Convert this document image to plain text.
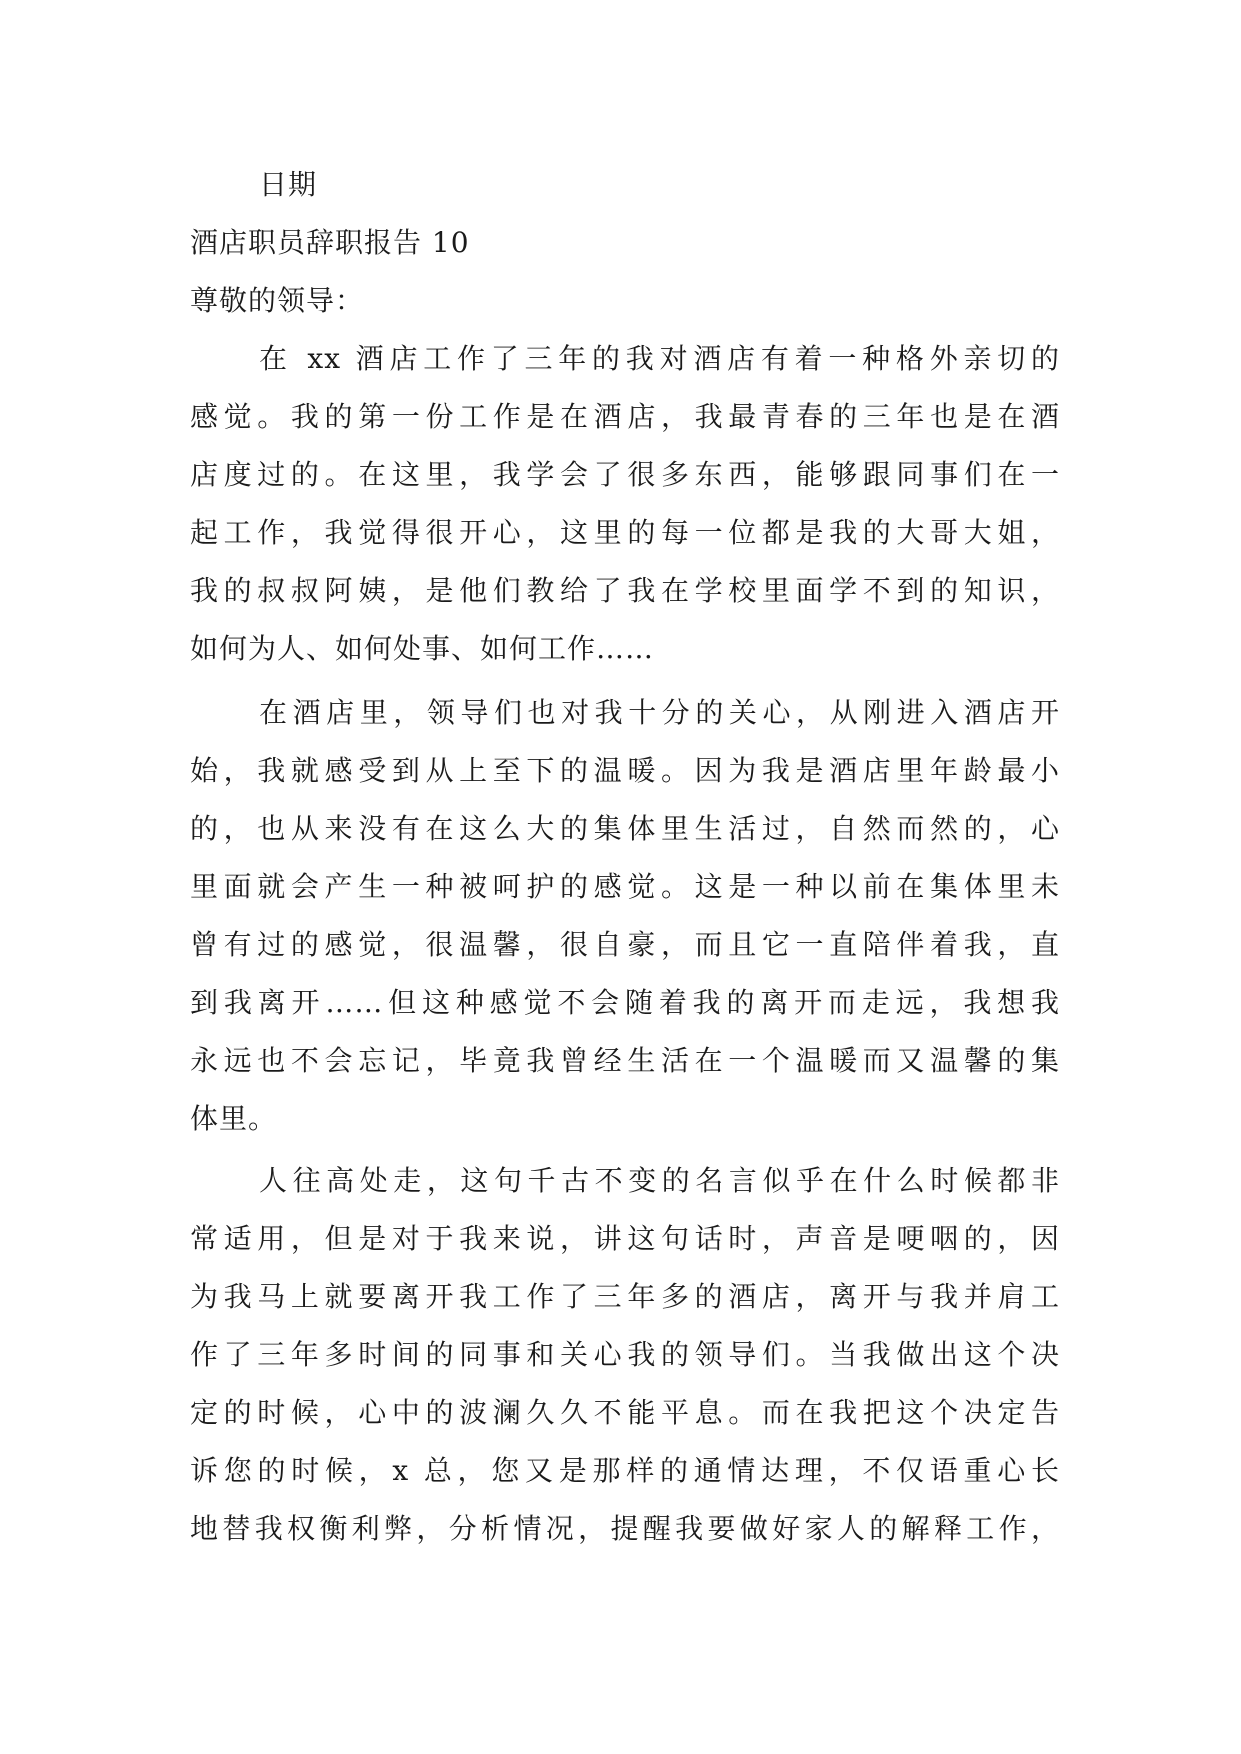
日期
酒店职员辞职报告 10
尊敬的领导：
在 xx 酒店工作了三年的我对酒店有着一种格外亲切的
感觉。我的第一份工作是在酒店，我最青春的三年也是在酒
店度过的。在这里，我学会了很多东西，能够跟同事们在一
起工作，我觉得很开心，这里的每一位都是我的大哥大姐，
我的叔叔阿姨，是他们教给了我在学校里面学不到的知识，
如何为人、如何处事、如何工作……
在酒店里，领导们也对我十分的关心，从刚进入酒店开
始，我就感受到从上至下的温暖。因为我是酒店里年龄最小
的，也从来没有在这么大的集体里生活过，自然而然的，心
里面就会产生一种被呵护的感觉。这是一种以前在集体里未
曾有过的感觉，很温馨，很自豪，而且它一直陪伴着我，直
到我离开……但这种感觉不会随着我的离开而走远，我想我
永远也不会忘记，毕竟我曾经生活在一个温暖而又温馨的集
体里。
人往高处走，这句千古不变的名言似乎在什么时候都非
常适用，但是对于我来说，讲这句话时，声音是哽咽的，因
为我马上就要离开我工作了三年多的酒店，离开与我并肩工
作了三年多时间的同事和关心我的领导们。当我做出这个决
定的时候，心中的波澜久久不能平息。而在我把这个决定告
诉您的时候，x 总，您又是那样的通情达理，不仅语重心长
地替我权衡利弊，分析情况，提醒我要做好家人的解释工作，
